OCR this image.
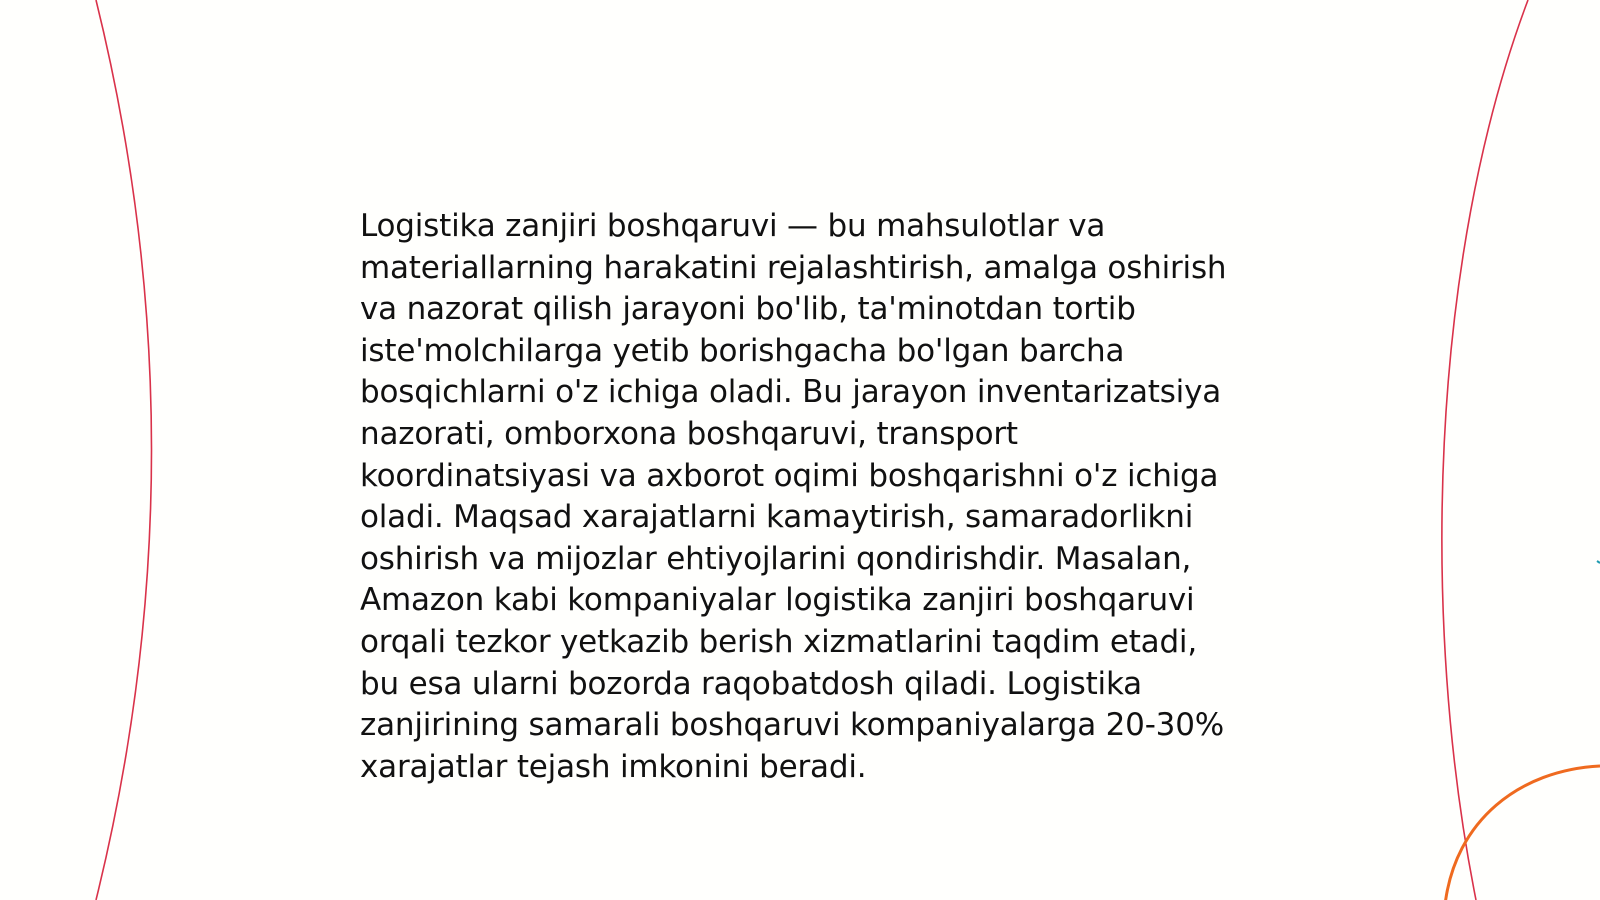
Logistika zanjiri boshqaruvi — bu mahsulotlar va materiallarning harakatini rejalashtirish, amalga oshirish va nazorat qilish jarayoni bo'lib, ta'minotdan tortib iste'molchilarga yetib borishgacha bo'lgan barcha bosqichlarni o'z ichiga oladi. Bu jarayon inventarizatsiya nazorati, omborxona boshqaruvi, transport koordinatsiyasi va axborot oqimi boshqarishni o'z ichiga oladi. Maqsad xarajatlarni kamaytirish, samaradorlikni oshirish va mijozlar ehtiyojlarini qondirishdir. Masalan, Amazon kabi kompaniyalar logistika zanjiri boshqaruvi orqali tezkor yetkazib berish xizmatlarini taqdim etadi, bu esa ularni bozorda raqobatdosh qiladi. Logistika zanjirining samarali boshqaruvi kompaniyalarga 20-30% xarajatlar tejash imkonini beradi.
